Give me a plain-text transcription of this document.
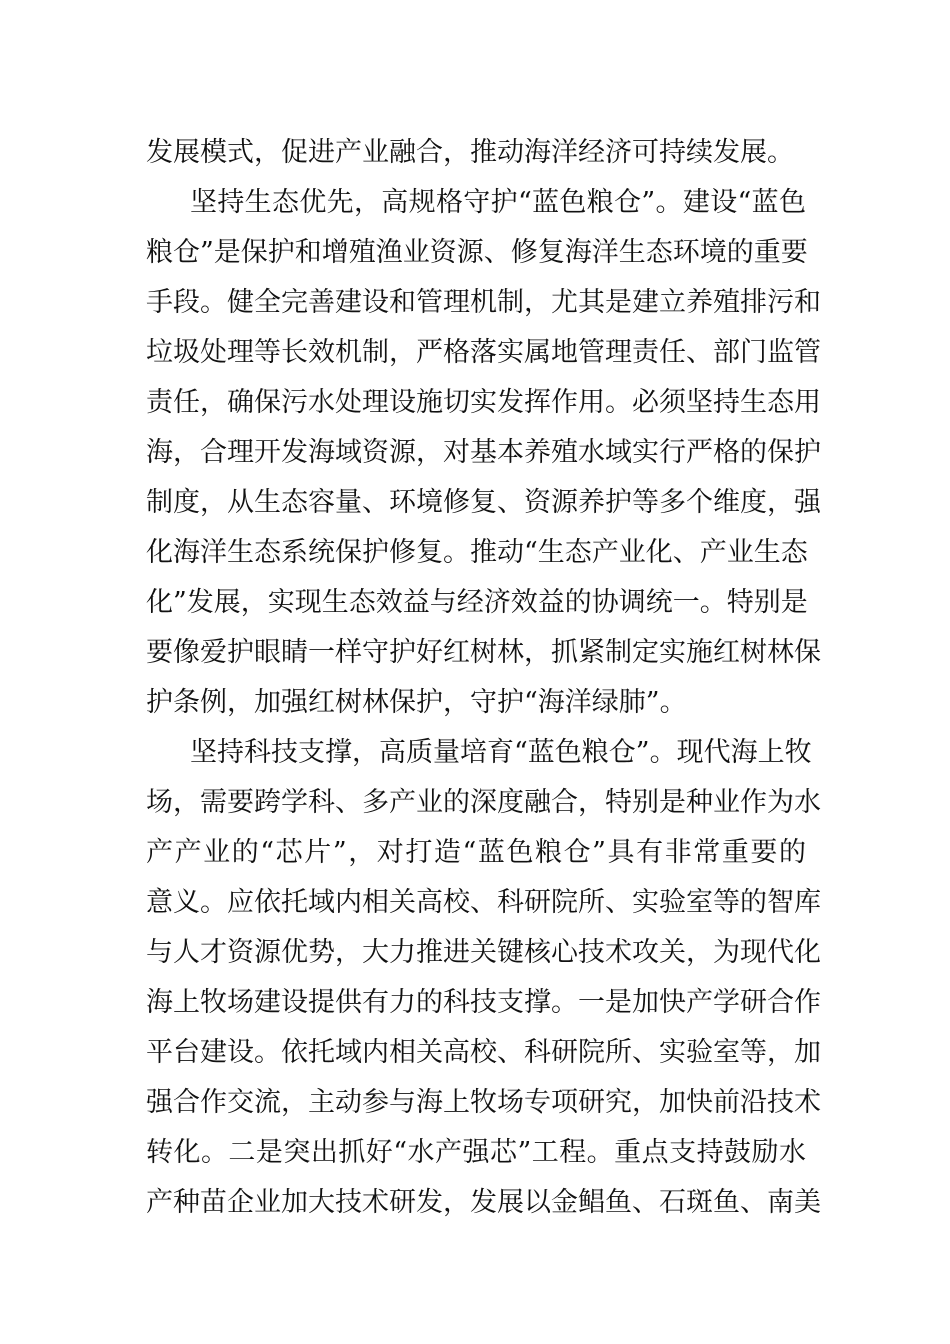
发展模式，促进产业融合，推动海洋经济可持续发展。
坚持生态优先，高规格守护“蓝色粮仓”。建设“蓝色
粮仓”是保护和增殖渔业资源、修复海洋生态环境的重要
手段。健全完善建设和管理机制，尤其是建立养殖排污和
垃圾处理等长效机制，严格落实属地管理责任、部门监管
责任，确保污水处理设施切实发挥作用。必须坚持生态用
海，合理开发海域资源，对基本养殖水域实行严格的保护
制度，从生态容量、环境修复、资源养护等多个维度，强
化海洋生态系统保护修复。推动“生态产业化、产业生态
化”发展，实现生态效益与经济效益的协调统一。特别是
要像爱护眼睛一样守护好红树林，抓紧制定实施红树林保
护条例，加强红树林保护，守护“海洋绿肺”。
坚持科技支撑，高质量培育“蓝色粮仓”。现代海上牧
场，需要跨学科、多产业的深度融合，特别是种业作为水
产产业的“芯片”，对打造“蓝色粮仓”具有非常重要的
意义。应依托域内相关高校、科研院所、实验室等的智库
与人才资源优势，大力推进关键核心技术攻关，为现代化
海上牧场建设提供有力的科技支撑。一是加快产学研合作
平台建设。依托域内相关高校、科研院所、实验室等，加
强合作交流，主动参与海上牧场专项研究，加快前沿技术
转化。二是突出抓好“水产强芯”工程。重点支持鼓励水
产种苗企业加大技术研发，发展以金鲳鱼、石斑鱼、南美
